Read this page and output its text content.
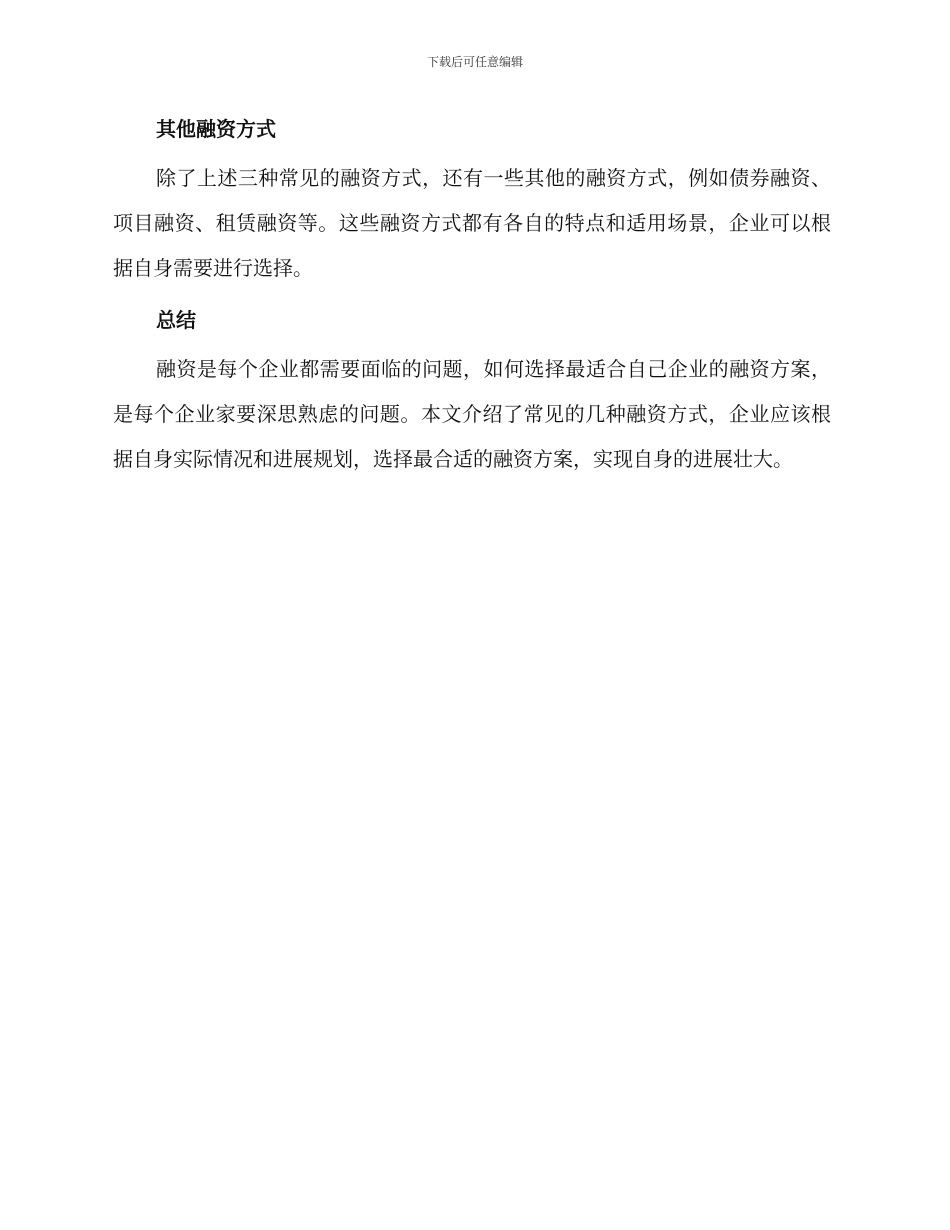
下载后可任意编辑
其他融资方式

除了上述三种常见的融资方式，还有一些其他的融资方式，例如债券融资、项目融资、租赁融资等。这些融资方式都有各自的特点和适用场景，企业可以根据自身需要进行选择。

总结

融资是每个企业都需要面临的问题，如何选择最适合自己企业的融资方案，是每个企业家要深思熟虑的问题。本文介绍了常见的几种融资方式，企业应该根据自身实际情况和进展规划，选择最合适的融资方案，实现自身的进展壮大。
